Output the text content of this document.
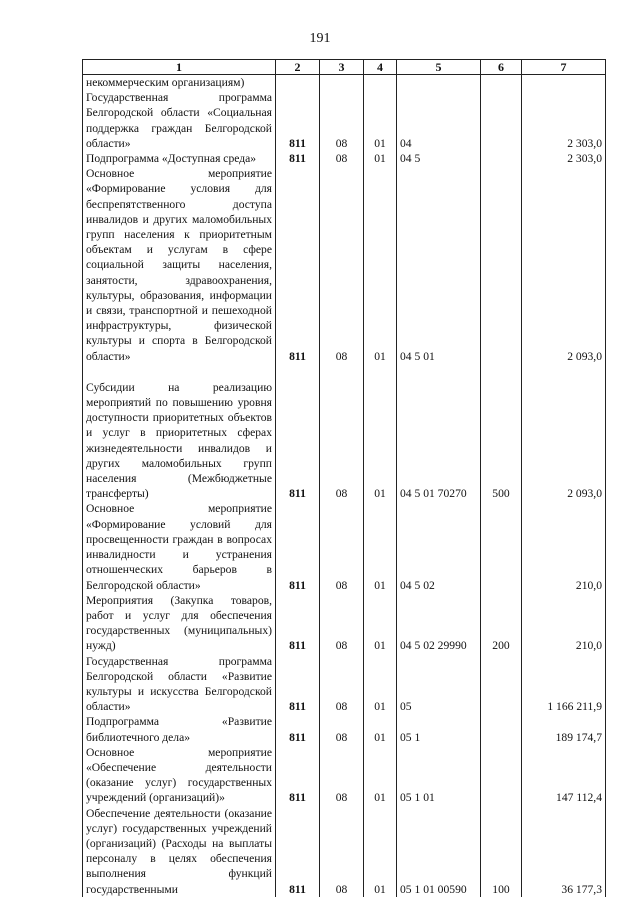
191
1	2	3	4	5	6	7
некоммерческим организациям)						
Государственная программа Белгородской области «Социальная поддержка граждан Белгородской области»	811	08	01	04		2 303,0
Подпрограмма «Доступная среда»	811	08	01	04 5		2 303,0
Основное мероприятие «Формирование условия для беспрепятственного доступа инвалидов и других маломобильных групп населения к приоритетным объектам и услугам в сфере социальной защиты населения, занятости, здравоохранения, культуры, образования, информации и связи, транспортной и пешеходной инфраструктуры, физической культуры и спорта в Белгородской области»	811	08	01	04 5 01		2 093,0

Субсидии на реализацию мероприятий по повышению уровня доступности приоритетных объектов и услуг в приоритетных сферах жизнедеятельности инвалидов и других маломобильных групп населения (Межбюджетные трансферты)	811	08	01	04 5 01 70270	500	2 093,0
Основное мероприятие «Формирование условий для просвещенности граждан в вопросах инвалидности и устранения отношенческих барьеров в Белгородской области»	811	08	01	04 5 02		210,0
Мероприятия (Закупка товаров, работ и услуг для обеспечения государственных (муниципальных) нужд)	811	08	01	04 5 02 29990	200	210,0
Государственная программа Белгородской области «Развитие культуры и искусства Белгородской области»	811	08	01	05		1 166 211,9
Подпрограмма «Развитие библиотечного дела»	811	08	01	05 1		189 174,7
Основное мероприятие «Обеспечение деятельности (оказание услуг) государственных учреждений (организаций)»	811	08	01	05 1 01		147 112,4
Обеспечение деятельности (оказание услуг) государственных учреждений (организаций) (Расходы на выплаты персоналу в целях обеспечения выполнения функций государственными	811	08	01	05 1 01 00590	100	36 177,3
